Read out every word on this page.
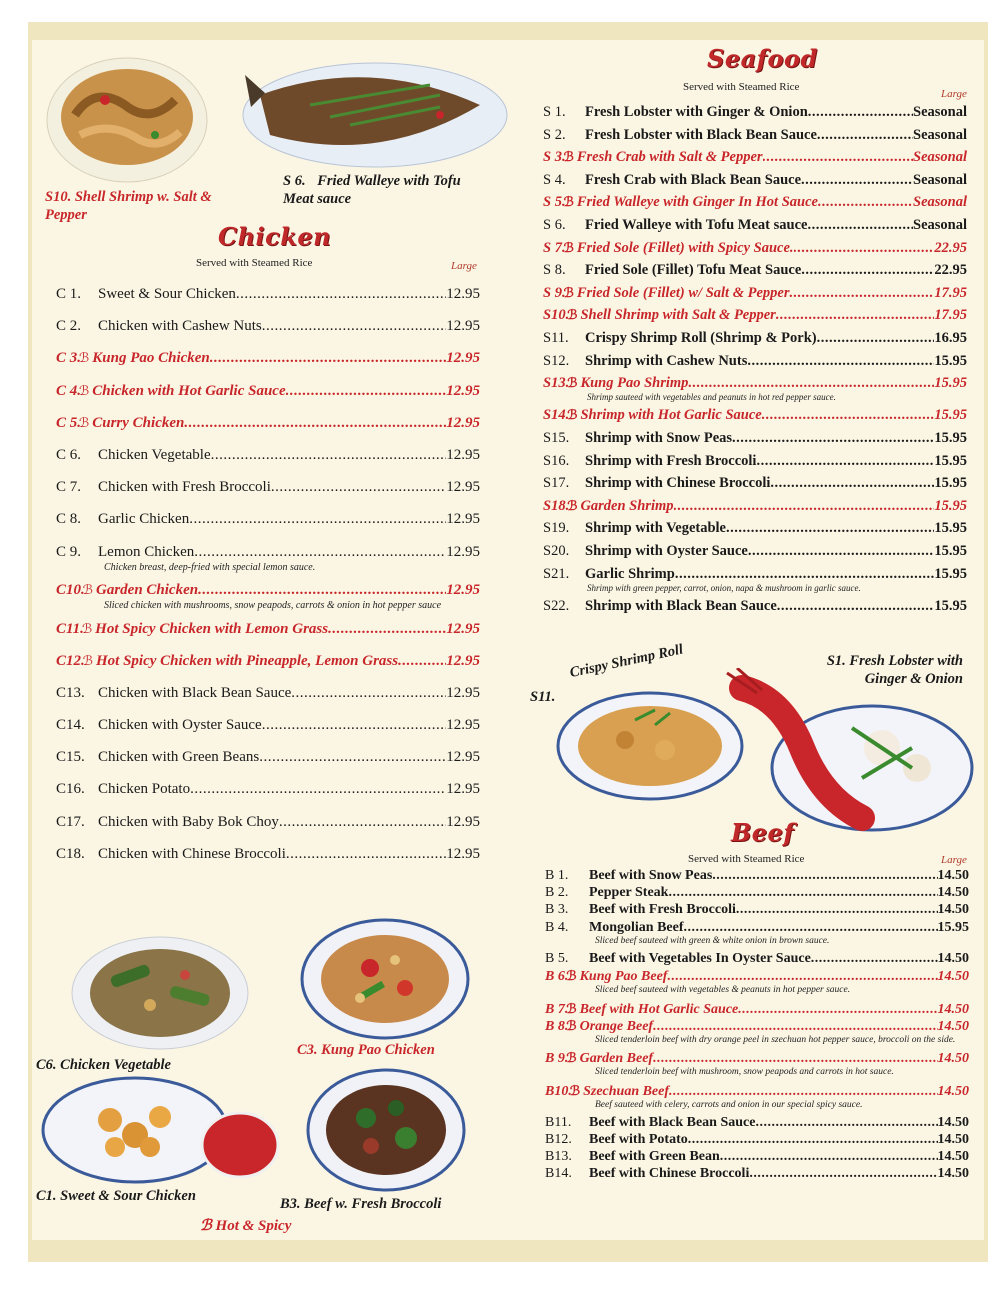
S10. Shell Shrimp w. Salt & Pepper
S 6. Fried Walleye with Tofu Meat sauce
Chicken
Served with Steamed Rice	Large
C 1.	Sweet & Sour Chicken .....	12.95
C 2.	Chicken with Cashew Nuts .....	12.95
C 3.
ℬ Kung Pao Chicken .....	12.95
C 4.
ℬ Chicken with Hot Garlic Sauce .....	12.95
C 5.
ℬ Curry Chicken .....	12.95
C 6.	Chicken Vegetable .....	12.95
C 7.	Chicken with Fresh Broccoli .....	12.95
C 8.	Garlic Chicken .....	12.95
C 9.	Lemon Chicken .....	12.95
Chicken breast, deep-fried with special lemon sauce.
C10.
ℬ Garden Chicken .....	12.95
Sliced chicken with mushrooms, snow peapods, carrots & onion in hot pepper sauce
C11.
ℬ Hot Spicy Chicken with Lemon Grass .....	12.95
C12.
ℬ Hot Spicy Chicken with Pineapple, Lemon Grass .....	12.95
C13. Chicken with Black Bean Sauce .....	12.95
C14. Chicken with Oyster Sauce .....	12.95
C15. Chicken with Green Beans .....	12.95
C16. Chicken Potato .....	12.95
C17. Chicken with Baby Bok Choy .....	12.95
C18. Chicken with Chinese Broccoli .....	12.95
C6. Chicken Vegetable
C3. Kung Pao Chicken
C1. Sweet & Sour Chicken	B3. Beef w. Fresh Broccoli
ℬ Hot & Spicy
Seafood
Served with Steamed Rice
Large
S 1.	Fresh Lobster with Ginger & Onion .....	Seasonal
S 2.	Fresh Lobster with Black Bean Sauce .....	Seasonal
S 3.
ℬ Fresh Crab with Salt & Pepper .....	Seasonal
S 4.	Fresh Crab with Black Bean Sauce .....	Seasonal
S 5.
ℬ Fried Walleye with Ginger In Hot Sauce .....	Seasonal
S 6.	Fried Walleye with Tofu Meat sauce .....	Seasonal
S 7.
ℬ Fried Sole (Fillet) with Spicy Sauce. .....	22.95
S 8.	Fried Sole (Fillet) Tofu Meat Sauce .....	22.95
S 9.
ℬ Fried Sole (Fillet) w/ Salt & Pepper .....	17.95
S10.
ℬ Shell Shrimp with Salt & Pepper .....	17.95
S11.	Crispy Shrimp Roll (Shrimp & Pork) .....	16.95
S12.	Shrimp with Cashew Nuts .....	15.95
S13.
ℬ Kung Pao Shrimp .....	15.95
Shrimp sauteed with vegetables and peanuts in hot red pepper sauce.
S14.
ℬ Shrimp with Hot Garlic Sauce .....	15.95
S15.	Shrimp with Snow Peas .....	15.95
S16.	Shrimp with Fresh Broccoli .....	15.95
S17.	Shrimp with Chinese Broccoli .....	15.95
S18.
ℬ Garden Shrimp .....	15.95
S19.	Shrimp with Vegetable .....	15.95
S20.	Shrimp with Oyster Sauce .....	15.95
S21.	Garlic Shrimp .....	15.95
Shrimp with green pepper, carrot, onion, napa & mushroom in garlic sauce.
S22.	Shrimp with Black Bean Sauce .....	15.95
S11.
Crispy Shrimp Roll	S1. Fresh Lobster with Ginger & Onion
Beef
Served with Steamed Rice	Large
B 1.	Beef with Snow Peas .....	14.50
B 2.	Pepper Steak .....	14.50
B 3.	Beef with Fresh Broccoli .....	14.50
B 4.	Mongolian Beef .....	15.95
Sliced beef sauteed with green & white onion in brown sauce.
B 5.	Beef with Vegetables In Oyster Sauce .....	14.50
B 6.
ℬ Kung Pao Beef .....	14.50
Sliced beef sauteed with vegetables & peanuts in hot pepper sauce.
B 7.
ℬ Beef with Hot Garlic Sauce .....	14.50
B 8.
ℬ Orange Beef .....	14.50
Sliced tenderloin beef with dry orange peel in szechuan hot pepper sauce, broccoli on the side.
B 9.
ℬ Garden Beef .....	14.50
Sliced tenderloin beef with mushroom, snow peapods and carrots in hot sauce.
B10.
ℬ Szechuan Beef .....	14.50
Beef sauteed with celery, carrots and onion in our special spicy sauce.
B11.	Beef with Black Bean Sauce .....	14.50
B12.	Beef with Potato .....	14.50
B13.	Beef with Green Bean .....	14.50
B14.	Beef with Chinese Broccoli .....	14.50
